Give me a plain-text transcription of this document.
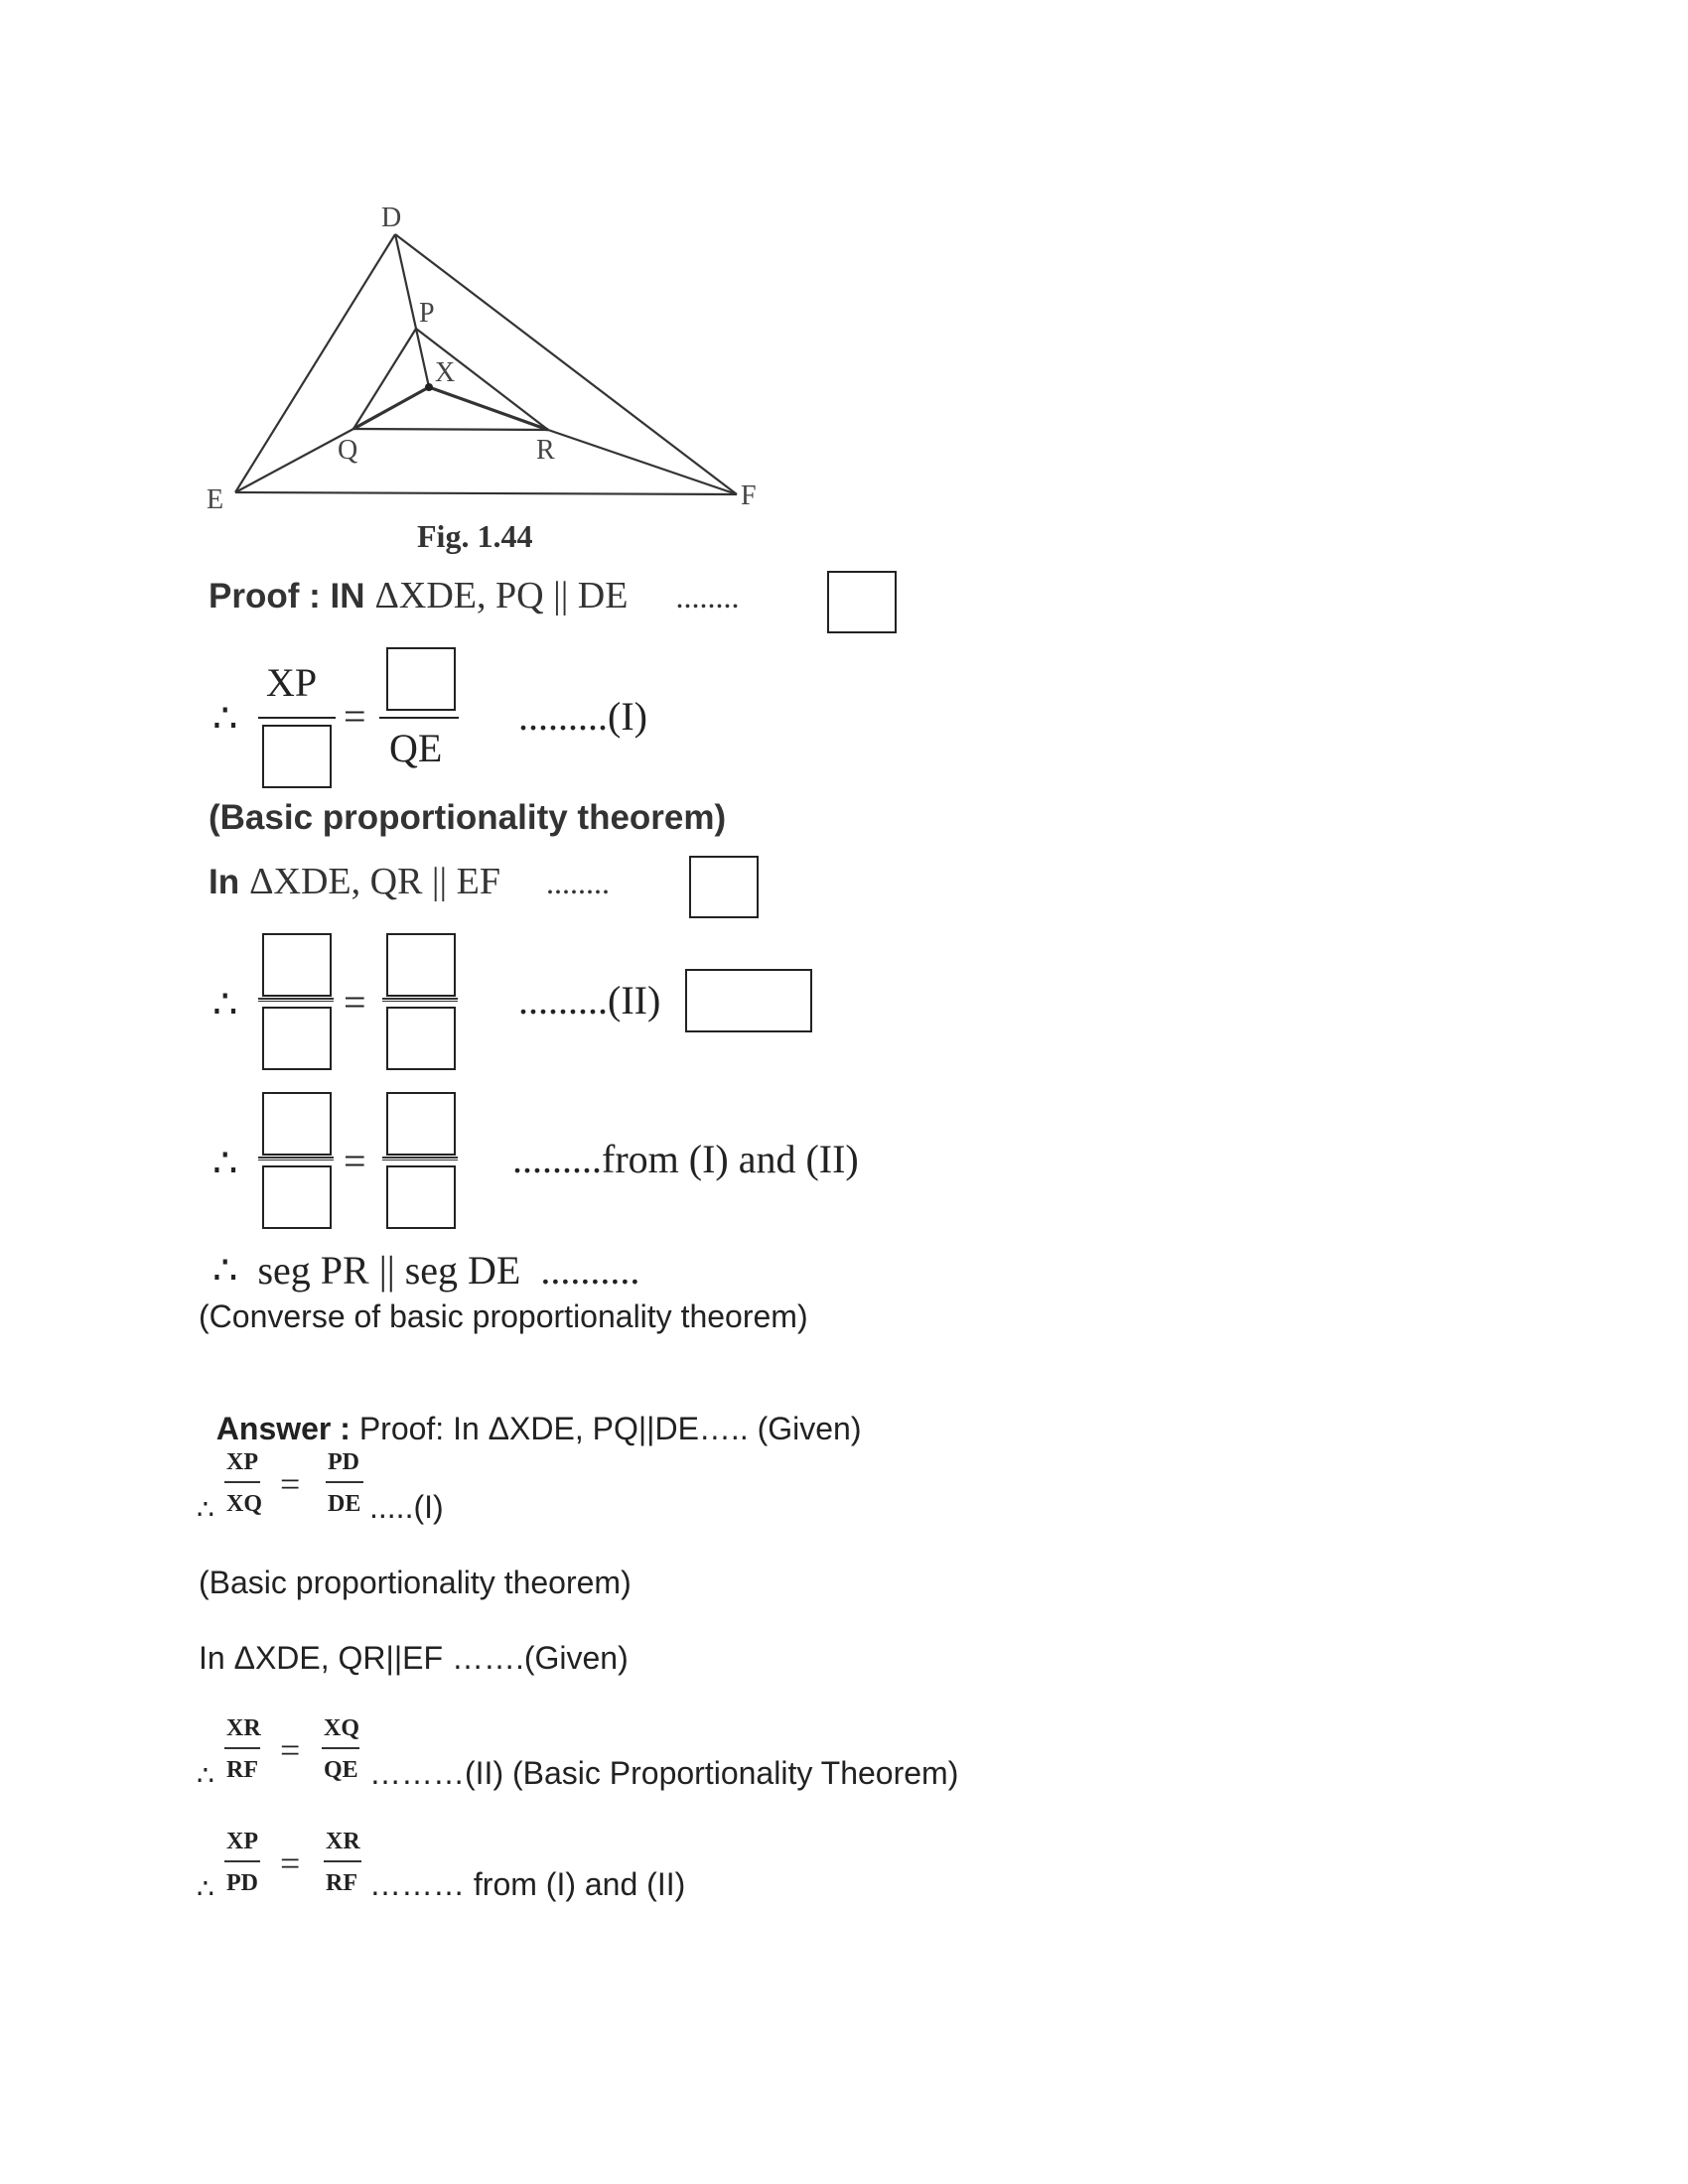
D
P
X
Q	R
E	F
Fig. 1.44
Proof : IN ΔXDE, PQ || DE ........
∴
XP
=
QE
.........(I)
(Basic proportionality theorem)
In ΔXDE, QR || EF ........
∴	=	.........(II)
∴	=	.........from (I) and (II)
∴  seg PR || seg DE  ..........
(Converse of basic proportionality theorem)

Answer : Proof: In ΔXDE, PQ||DE….. (Given)

∴
XP
XQ =
PD
DE .....(I)
(Basic proportionality theorem)
In ΔXDE, QR||EF …….(Given)
∴
XR
RF =
XQ
QE ………(II) (Basic Proportionality Theorem)
∴
XP
PD =
XR
RF ……… from (I) and (II)
